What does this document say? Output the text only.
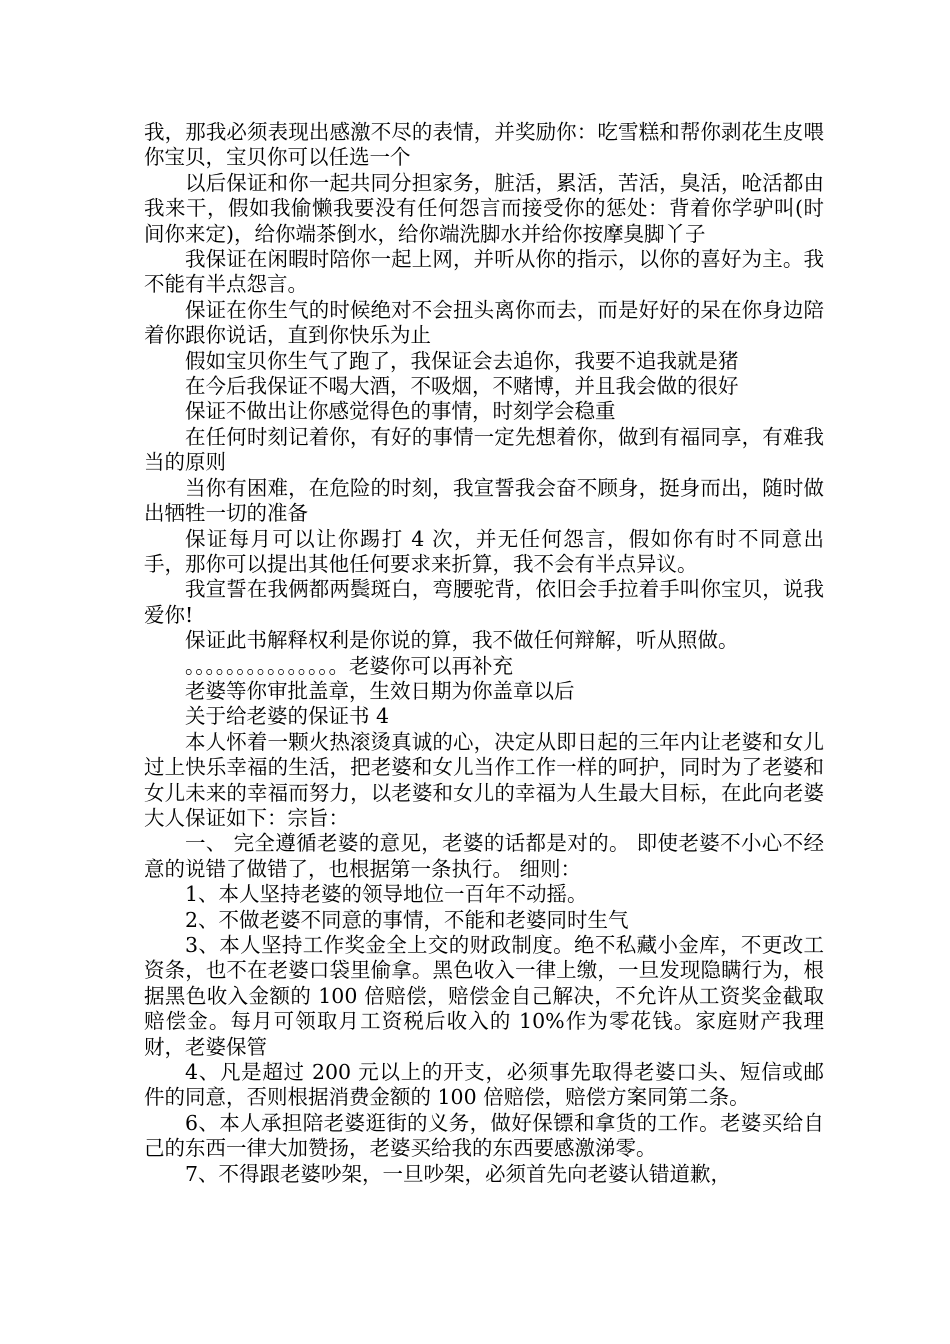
我，那我必须表现出感激不尽的表情，并奖励你：吃雪糕和帮你剥花生皮喂你宝贝，宝贝你可以任选一个

以后保证和你一起共同分担家务，脏活，累活，苦活，臭活，呛活都由我来干，假如我偷懒我要没有任何怨言而接受你的惩处：背着你学驴叫(时间你来定)，给你端茶倒水，给你端洗脚水并给你按摩臭脚丫子

我保证在闲暇时陪你一起上网，并听从你的指示，以你的喜好为主。我不能有半点怨言。

保证在你生气的时候绝对不会扭头离你而去，而是好好的呆在你身边陪着你跟你说话，直到你快乐为止

假如宝贝你生气了跑了，我保证会去追你，我要不追我就是猪

在今后我保证不喝大酒，不吸烟，不赌博，并且我会做的很好

保证不做出让你感觉得色的事情，时刻学会稳重

在任何时刻记着你，有好的事情一定先想着你，做到有福同享，有难我当的原则

当你有困难，在危险的时刻，我宣誓我会奋不顾身，挺身而出，随时做出牺牲一切的准备

保证每月可以让你踢打 4 次，并无任何怨言，假如你有时不同意出手，那你可以提出其他任何要求来折算，我不会有半点异议。

我宣誓在我俩都两鬓斑白，弯腰驼背，依旧会手拉着手叫你宝贝，说我爱你!

保证此书解释权利是你说的算，我不做任何辩解，听从照做。

。。。。。。。。。。。。。。。老婆你可以再补充

老婆等你审批盖章，生效日期为你盖章以后

关于给老婆的保证书 4

本人怀着一颗火热滚烫真诚的心，决定从即日起的三年内让老婆和女儿过上快乐幸福的生活，把老婆和女儿当作工作一样的呵护，同时为了老婆和女儿未来的幸福而努力，以老婆和女儿的幸福为人生最大目标，在此向老婆大人保证如下：宗旨：

一、 完全遵循老婆的意见，老婆的话都是对的。 即使老婆不小心不经意的说错了做错了，也根据第一条执行。 细则：

1、本人坚持老婆的领导地位一百年不动摇。

2、不做老婆不同意的事情，不能和老婆同时生气

3、本人坚持工作奖金全上交的财政制度。绝不私藏小金库，不更改工资条，也不在老婆口袋里偷拿。黑色收入一律上缴，一旦发现隐瞒行为，根据黑色收入金额的 100 倍赔偿，赔偿金自己解决，不允许从工资奖金截取赔偿金。每月可领取月工资税后收入的 10%作为零花钱。家庭财产我理财，老婆保管

4、凡是超过 200 元以上的开支，必须事先取得老婆口头、短信或邮件的同意，否则根据消费金额的 100 倍赔偿，赔偿方案同第二条。

6、本人承担陪老婆逛街的义务，做好保镖和拿货的工作。老婆买给自己的东西一律大加赞扬，老婆买给我的东西要感激涕零。

7、不得跟老婆吵架，一旦吵架，必须首先向老婆认错道歉，
